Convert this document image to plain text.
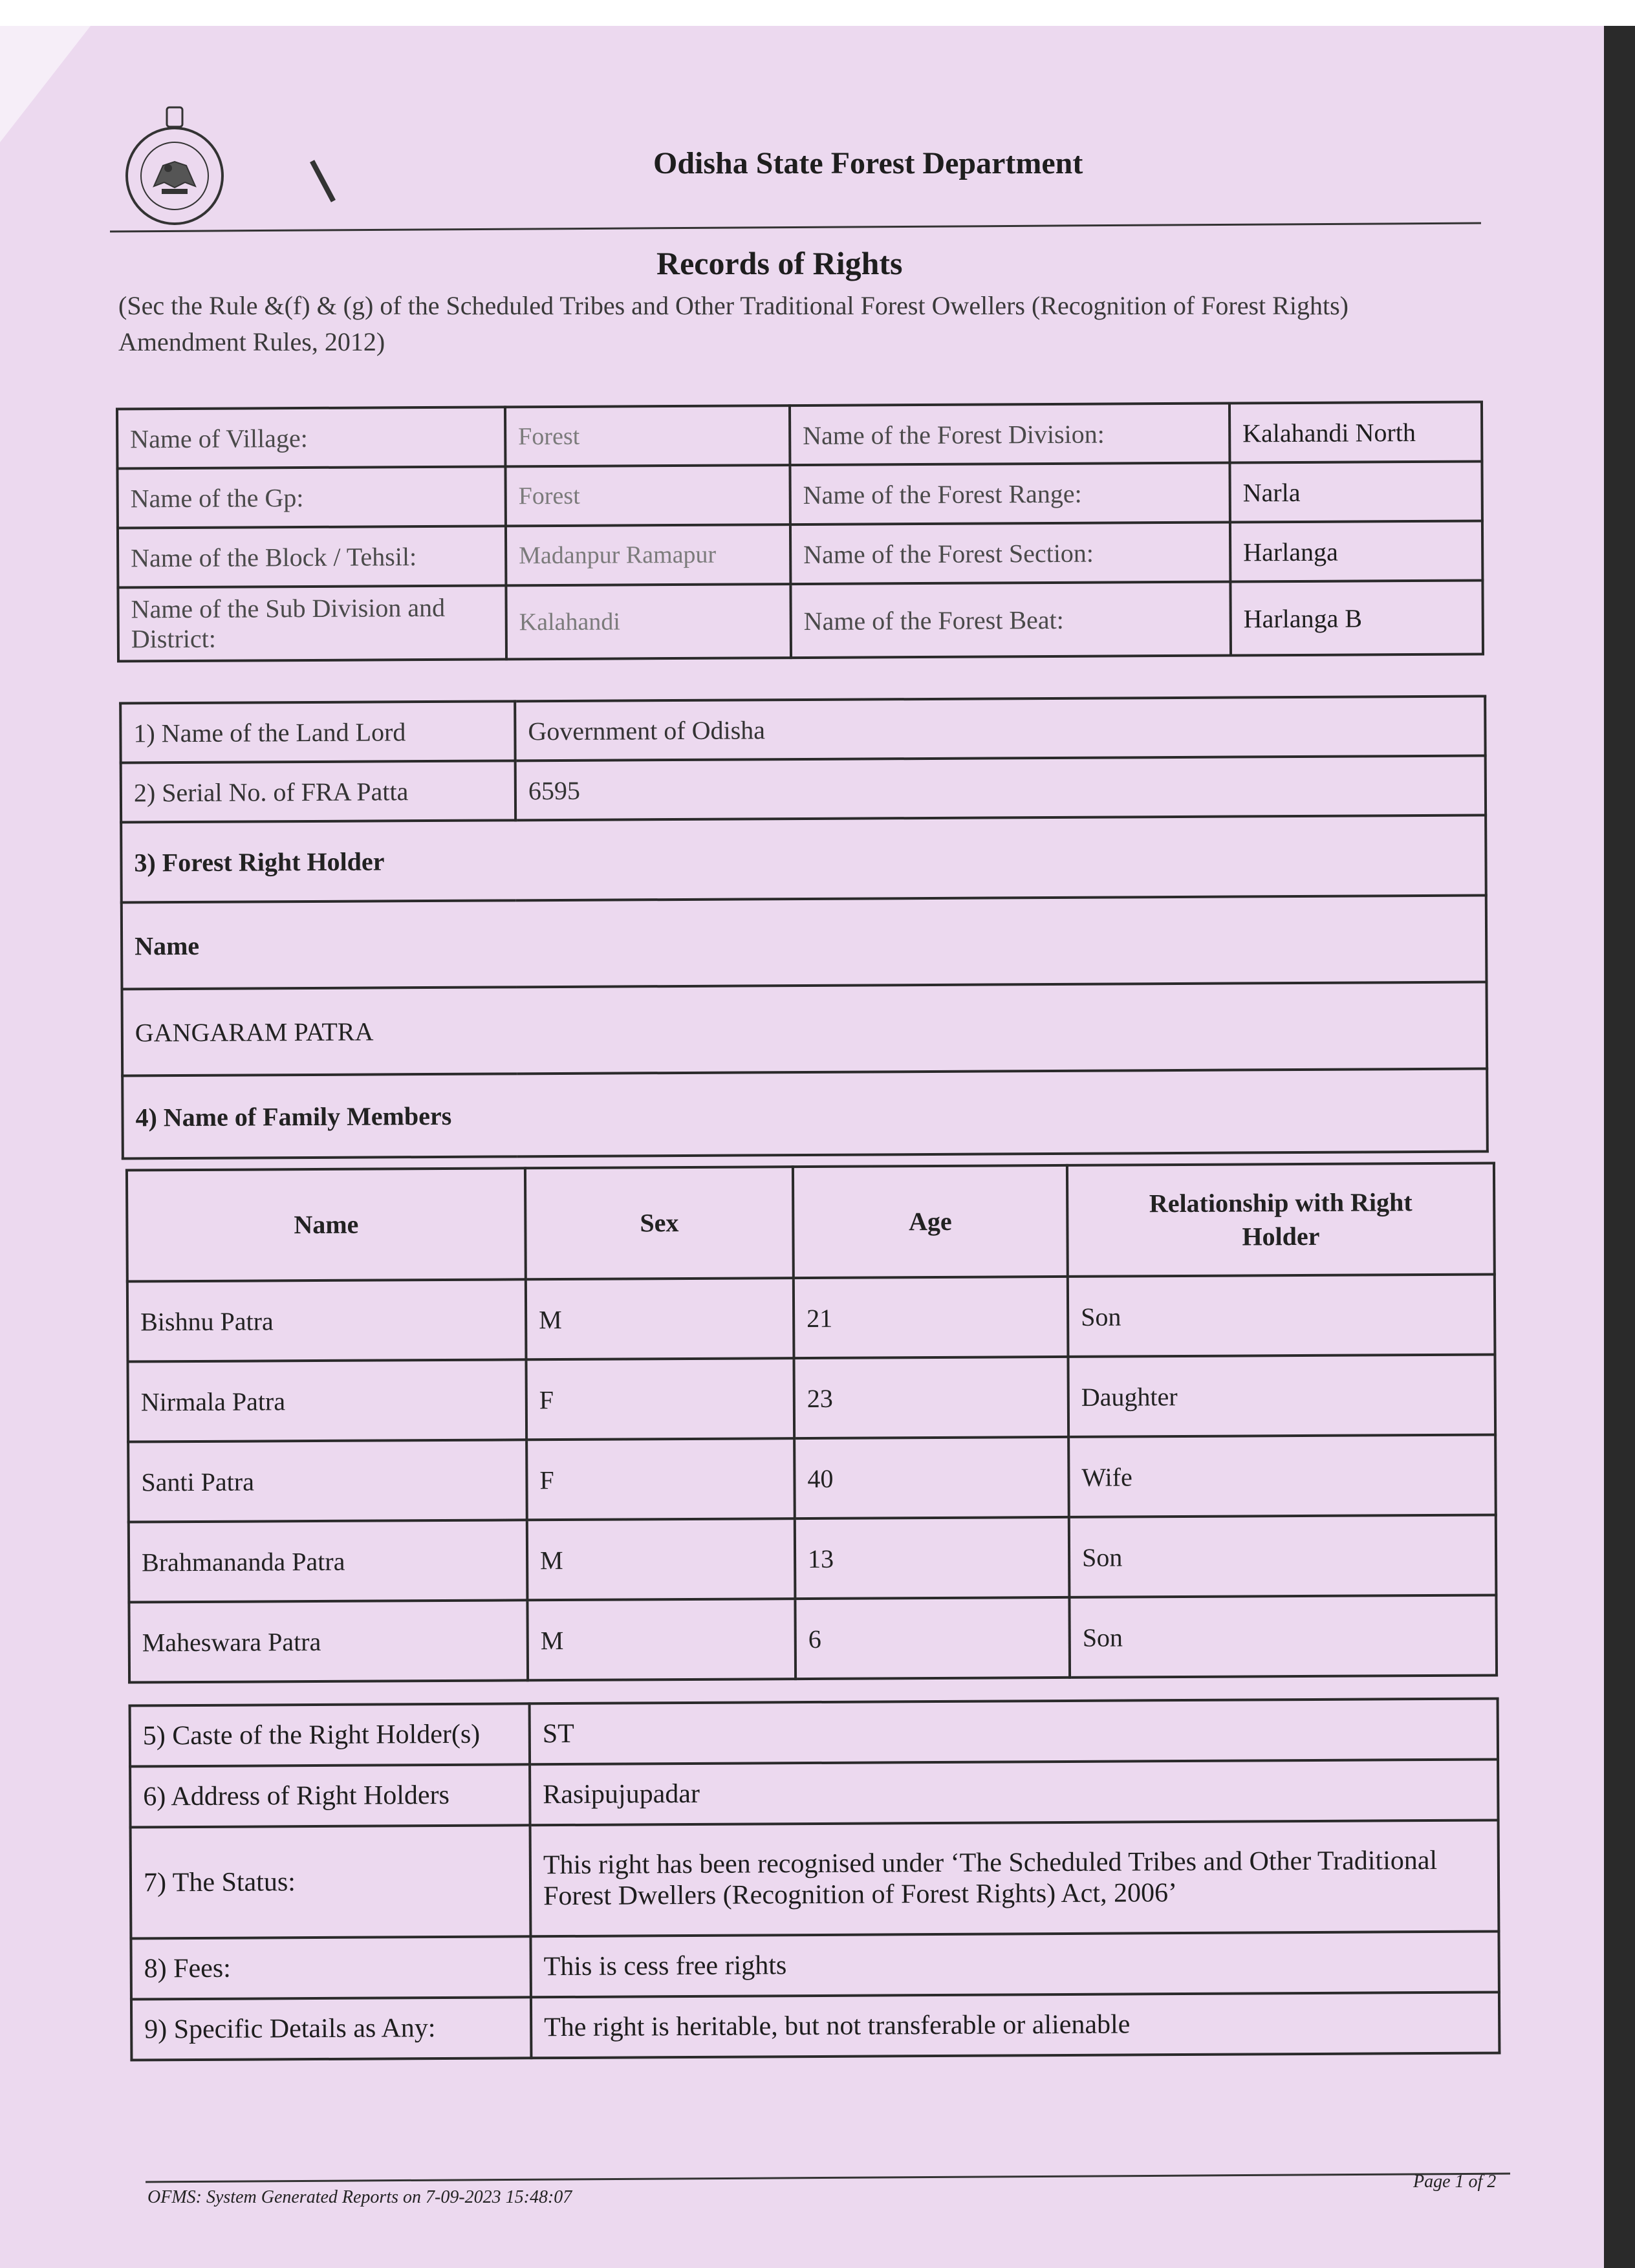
Odisha State Forest Department
Records of Rights
(Sec the Rule &(f) & (g) of the Scheduled Tribes and Other Traditional Forest Owellers (Recognition of Forest Rights) Amendment Rules, 2012)
Name of Village:	Forest	Name of the Forest Division:	Kalahandi North
Name of the Gp:	Forest	Name of the Forest Range:	Narla
Name of the Block / Tehsil:	Madanpur Ramapur	Name of the Forest Section:	Harlanga
Name of the Sub Division and District:	Kalahandi	Name of the Forest Beat:	Harlanga B
1) Name of the Land Lord	Government of Odisha
2) Serial No. of FRA Patta	6595
3) Forest Right Holder	
Name	
GANGARAM PATRA	
4) Name of Family Members	
Name	Sex	Age	Relationship with Right Holder
Bishnu Patra	M	21	Son
Nirmala Patra	F	23	Daughter
Santi Patra	F	40	Wife
Brahmananda Patra	M	13	Son
Maheswara Patra	M	6	Son
5) Caste of the Right Holder(s)	ST
6) Address of Right Holders	Rasipujupadar
7) The Status:	This right has been recognised under ‘The Scheduled Tribes and Other Traditional
Forest Dwellers (Recognition of Forest Rights) Act, 2006’

8) Fees:	This is cess free rights
9) Specific Details as Any:	The right is heritable, but not transferable or alienable
OFMS: System Generated Reports on 7-09-2023 15:48:07
Page 1 of 2
